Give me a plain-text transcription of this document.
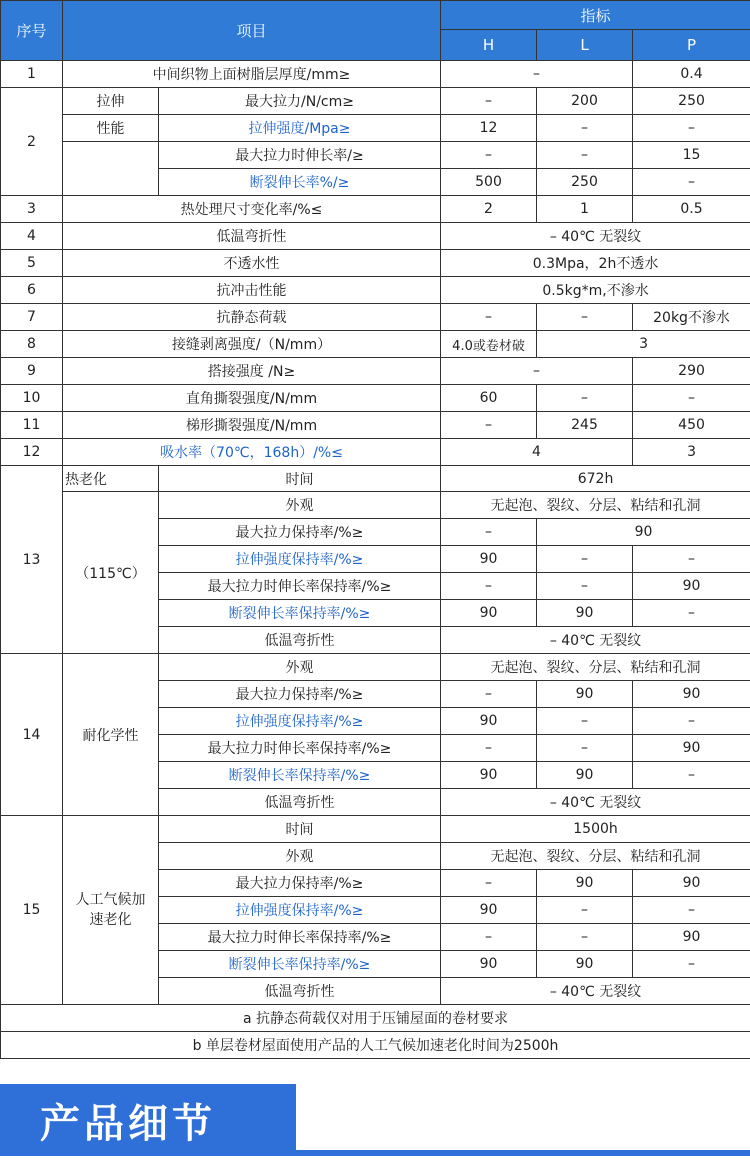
序号	项目		指标		
			H	L	P
1	中间织物上面树脂层厚度/mm≥		–		0.4
2	拉伸	最大拉力/N/cm≥	–	200	250
	性能	拉伸强度/Mpa≥	12	–	–
		最大拉力时伸长率/≥	–	–	15
		断裂伸长率%/≥	500	250	–
3	热处理尺寸变化率/%≤		2	1	0.5
4	低温弯折性		– 40℃ 无裂纹		
5	不透水性		0.3Mpa，2h不透水		
6	抗冲击性能		0.5kg*m,不渗水		
7	抗静态荷载		–	–	20kg不渗水
8	接缝剥离强度/（N/mm）		4.0或卷材破	3	
9	搭接强度 /N≥		–		290
10	直角撕裂强度/N/mm		60	–	–
11	梯形撕裂强度/N/mm		–	245	450
12	吸水率（70℃，168h）/%≤		4		3
13	热老化	时间	672h		
	（115℃）	外观	无起泡、裂纹、分层、粘结和孔洞		
		最大拉力保持率/%≥	–	90	
		拉伸强度保持率/%≥	90	–	–
		最大拉力时伸长率保持率/%≥	–	–	90
		断裂伸长率保持率/%≥	90	90	–
		低温弯折性	– 40℃ 无裂纹		
14	耐化学性	外观	无起泡、裂纹、分层、粘结和孔洞		
		最大拉力保持率/%≥	–	90	90
		拉伸强度保持率/%≥	90	–	–
		最大拉力时伸长率保持率/%≥	–	–	90
		断裂伸长率保持率/%≥	90	90	–
		低温弯折性	– 40℃ 无裂纹		
15	人工气候加速老化	时间	1500h		
		外观	无起泡、裂纹、分层、粘结和孔洞		
		最大拉力保持率/%≥	–	90	90
		拉伸强度保持率/%≥	90	–	–
		最大拉力时伸长率保持率/%≥	–	–	90
		断裂伸长率保持率/%≥	90	90	–
		低温弯折性	– 40℃ 无裂纹		
a 抗静态荷载仅对用于压铺屋面的卷材要求					
b 单层卷材屋面使用产品的人工气候加速老化时间为2500h					
产品细节
